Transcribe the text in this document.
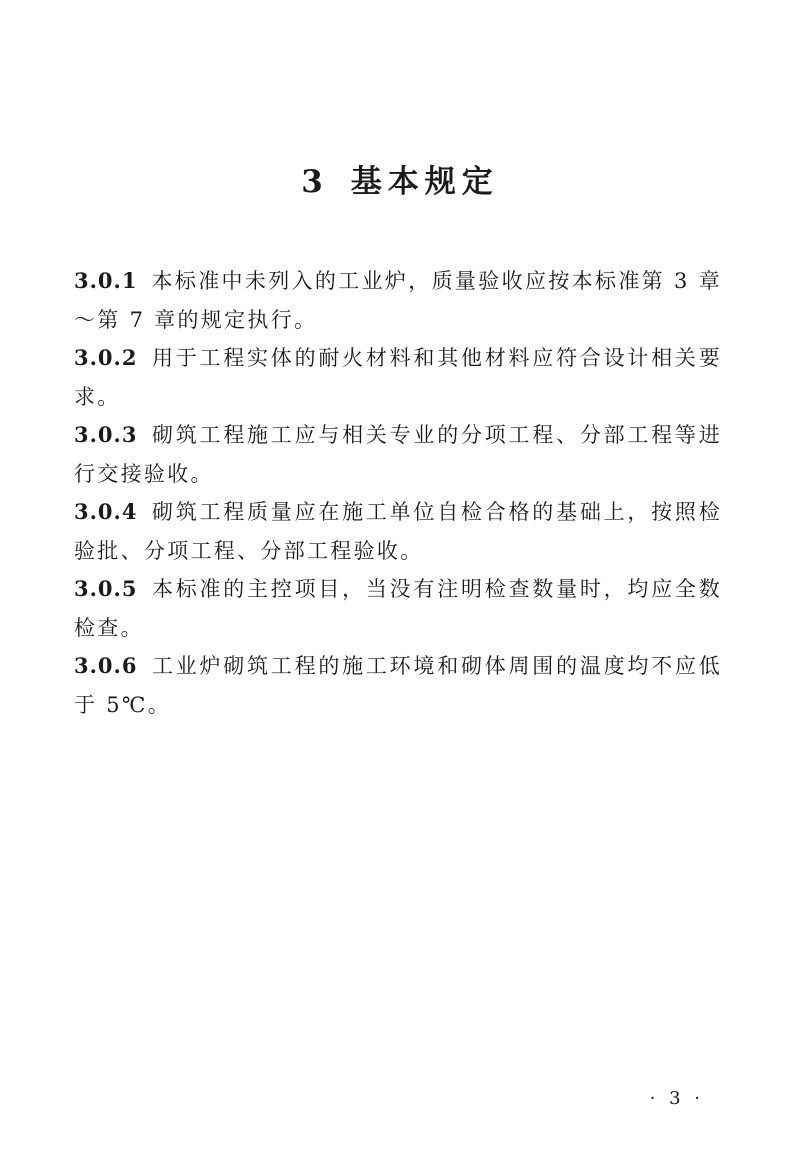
3 基本规定

3.0.1 本标准中未列入的工业炉，质量验收应按本标准第 3 章～第 7 章的规定执行。

3.0.2 用于工程实体的耐火材料和其他材料应符合设计相关要求。

3.0.3 砌筑工程施工应与相关专业的分项工程、分部工程等进行交接验收。

3.0.4 砌筑工程质量应在施工单位自检合格的基础上，按照检验批、分项工程、分部工程验收。

3.0.5 本标准的主控项目，当没有注明检查数量时，均应全数检查。

3.0.6 工业炉砌筑工程的施工环境和砌体周围的温度均不应低于 5℃。

· 3 ·
